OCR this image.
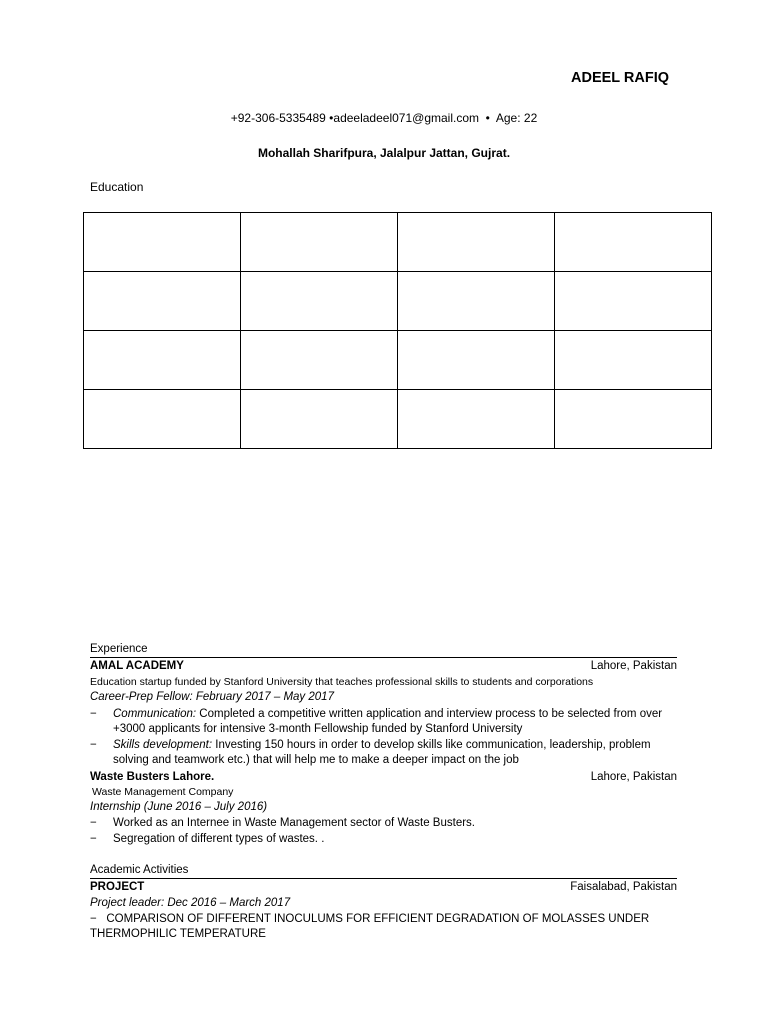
ADEEL RAFIQ
+92-306-5335489 •adeeladeel071@gmail.com  •  Age: 22
Mohallah Sharifpura, Jalalpur Jattan, Gujrat.
Education

Experience
AMAL ACADEMY	Lahore, Pakistan
Education startup funded by Stanford University that teaches professional skills to students and corporations
Career-Prep Fellow: February 2017 – May 2017
−	Communication: Completed a competitive written application and interview process to be selected from over +3000 applicants for intensive 3-month Fellowship funded by Stanford University
−	Skills development: Investing 150 hours in order to develop skills like communication, leadership, problem solving and teamwork etc.) that will help me to make a deeper impact on the job
Waste Busters Lahore.	Lahore, Pakistan
Waste Management Company
Internship (June 2016 – July 2016)
−	Worked as an Internee in Waste Management sector of Waste Busters.
−	Segregation of different types of wastes. .
Academic Activities
PROJECT	Faisalabad, Pakistan
Project leader: Dec 2016 – March 2017
− COMPARISON OF DIFFERENT INOCULUMS FOR EFFICIENT DEGRADATION OF MOLASSES UNDER THERMOPHILIC TEMPERATURE
